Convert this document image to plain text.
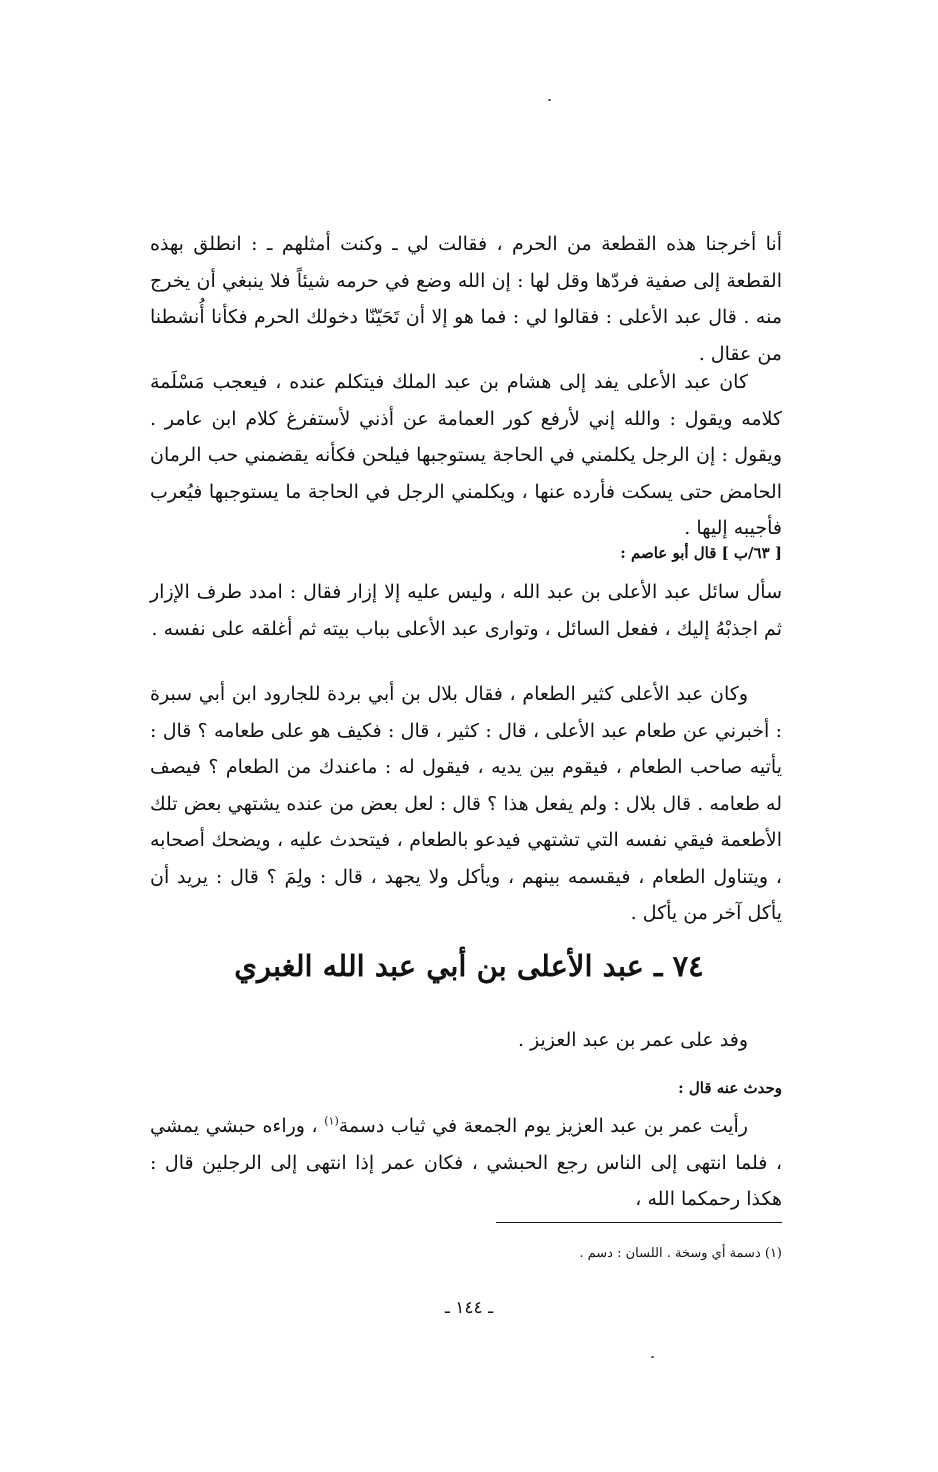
أنا أخرجنا هذه القطعة من الحرم ، فقالت لي ـ وكنت أمثلهم ـ : انطلق بهذه القطعة إلى صفية فردّها وقل لها : إن الله وضع في حرمه شيئاً فلا ينبغي أن يخرج منه . قال عبد الأعلى : فقالوا لي : فما هو إلا أن تَحَيّنّا دخولك الحرم فكأنا أُنشطنا من عقال .

كان عبد الأعلى يفد إلى هشام بن عبد الملك فيتكلم عنده ، فيعجب مَسْلَمة كلامه ويقول : والله إني لأرفع كور العمامة عن أذني لأستفرغ كلام ابن عامر . ويقول : إن الرجل يكلمني في الحاجة يستوجبها فيلحن فكأنه يقضمني حب الرمان الحامض حتى يسكت فأرده عنها ، ويكلمني الرجل في الحاجة ما يستوجبها فيُعرب فأجيبه إليها .

[ ٦٣/ب ] قال أبو عاصم :

سأل سائل عبد الأعلى بن عبد الله ، وليس عليه إلا إزار فقال : امدد طرف الإزار ثم اجذبْهُ إليك ، ففعل السائل ، وتوارى عبد الأعلى بباب بيته ثم أغلقه على نفسه .

وكان عبد الأعلى كثير الطعام ، فقال بلال بن أبي بردة للجارود ابن أبي سبرة : أخبرني عن طعام عبد الأعلى ، قال : كثير ، قال : فكيف هو على طعامه ؟ قال : يأتيه صاحب الطعام ، فيقوم بين يديه ، فيقول له : ماعندك من الطعام ؟ فيصف له طعامه . قال بلال : ولم يفعل هذا ؟ قال : لعل بعض من عنده يشتهي بعض تلك الأطعمة فيقي نفسه التي تشتهي فيدعو بالطعام ، فيتحدث عليه ، ويضحك أصحابه ، ويتناول الطعام ، فيقسمه بينهم ، ويأكل ولا يجهد ، قال : ولِمَ ؟ قال : يريد أن يأكل آخر من يأكل .

٧٤ ـ عبد الأعلى بن أبي عبد الله الغبري

وفد على عمر بن عبد العزيز .

وحدث عنه قال :

رأيت عمر بن عبد العزيز يوم الجمعة في ثياب دسمة$^{(١)}$ ، وراءه حبشي يمشي ، فلما انتهى إلى الناس رجع الحبشي ، فكان عمر إذا انتهى إلى الرجلين قال : هكذا رحمكما الله ،

(١) دسمة أي وسخة . اللسان : دسم .
ـ ١٤٤ ـ
